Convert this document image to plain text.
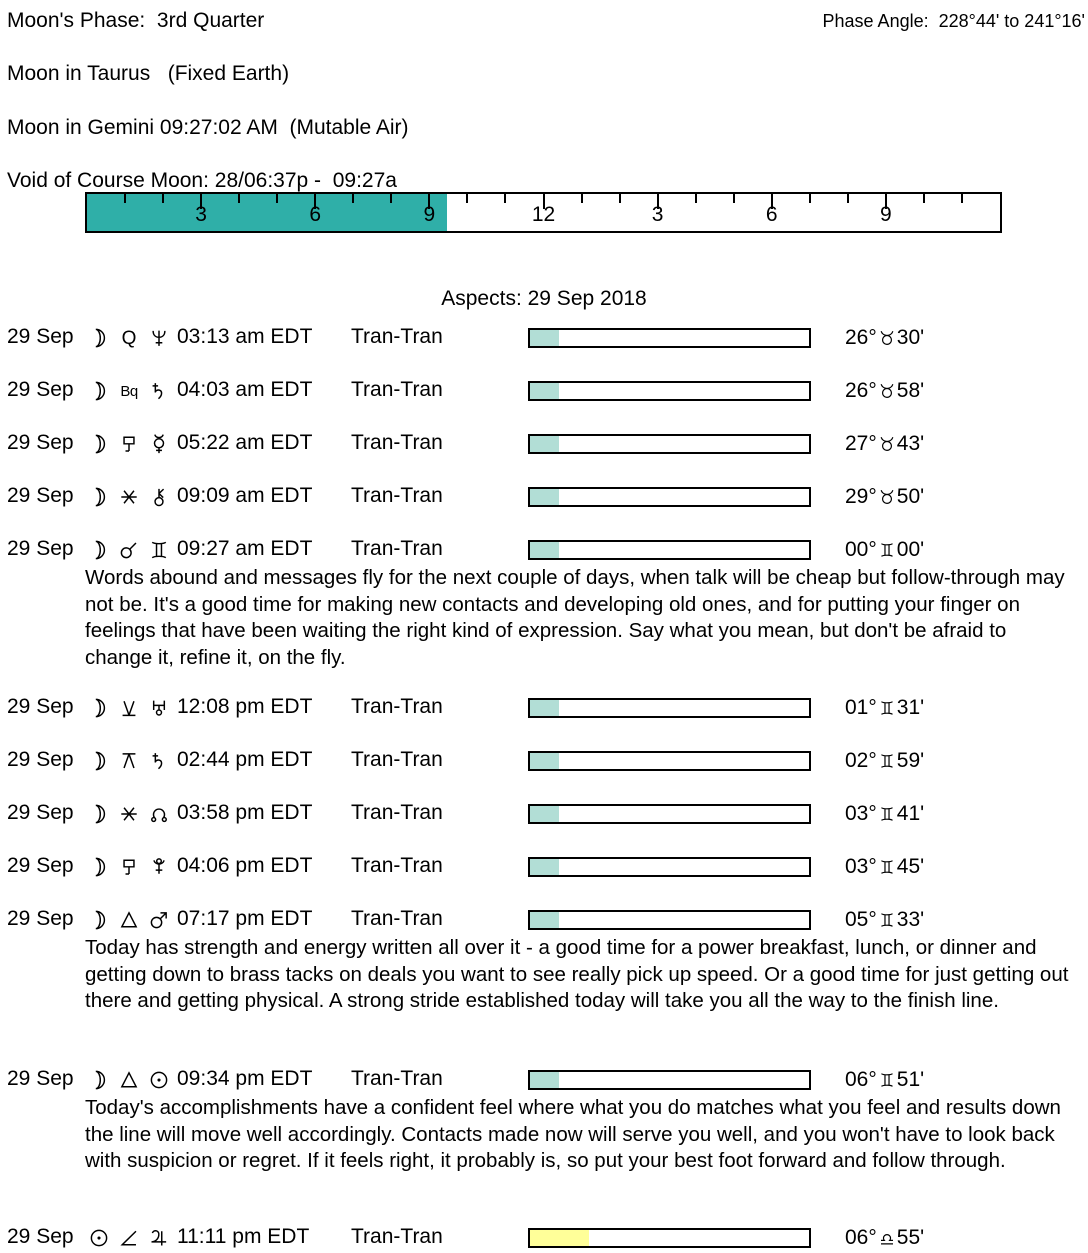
Moon's Phase:  3rd Quarter	Phase Angle:  228°44' to 241°16'
Moon in Taurus   (Fixed Earth)
Moon in Gemini 09:27:02 AM  (Mutable Air)
Void of Course Moon: 28/06:37p -  09:27a
3	6	9	12	3	6	9
Aspects: 29 Sep 2018
29 Sep	Q 03:13 am EDT Tran-Tran	26° 30'
29 Sep	Bq 04:03 am EDT Tran-Tran	26° 58'
29 Sep	05:22 am EDT Tran-Tran	27° 43'
29 Sep	09:09 am EDT Tran-Tran	29° 50'
29 Sep	09:27 am EDT Tran-Tran	00° 00'
Words abound and messages fly for the next couple of days, when talk will be cheap but follow-through may not be. It's a good time for making new contacts and developing old ones, and for putting your finger on feelings that have been waiting the right kind of expression. Say what you mean, but don't be afraid to change it, refine it, on the fly.
29 Sep	12:08 pm EDT Tran-Tran	01° 31'
29 Sep	02:44 pm EDT Tran-Tran	02° 59'
29 Sep	03:58 pm EDT Tran-Tran	03° 41'
29 Sep	04:06 pm EDT Tran-Tran	03° 45'
29 Sep	07:17 pm EDT Tran-Tran	05° 33'
Today has strength and energy written all over it - a good time for a power breakfast, lunch, or dinner and getting down to brass tacks on deals you want to see really pick up speed. Or a good time for just getting out there and getting physical. A strong stride established today will take you all the way to the finish line.
29 Sep	09:34 pm EDT Tran-Tran	06° 51'
Today's accomplishments have a confident feel where what you do matches what you feel and results down the line will move well accordingly. Contacts made now will serve you well, and you won't have to look back with suspicion or regret. If it feels right, it probably is, so put your best foot forward and follow through.
29 Sep	11:11 pm EDT Tran-Tran	06° 55'
